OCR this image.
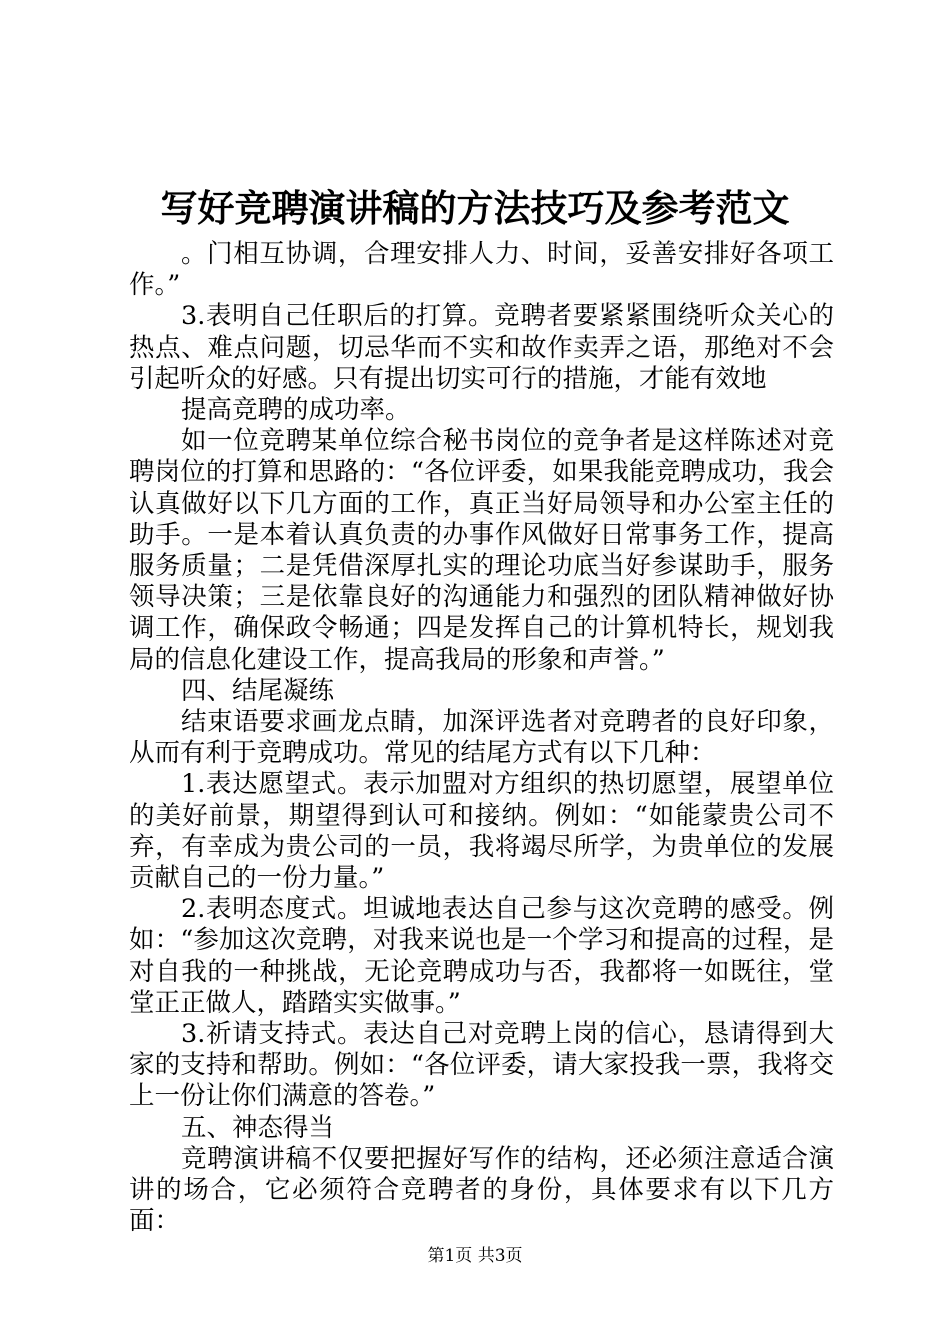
写好竞聘演讲稿的方法技巧及参考范文

。门相互协调，合理安排人力、时间，妥善安排好各项工作。”

3.表明自己任职后的打算。竞聘者要紧紧围绕听众关心的热点、难点问题，切忌华而不实和故作卖弄之语，那绝对不会引起听众的好感。只有提出切实可行的措施，才能有效地

提高竞聘的成功率。

如一位竞聘某单位综合秘书岗位的竞争者是这样陈述对竞聘岗位的打算和思路的：“各位评委，如果我能竞聘成功，我会认真做好以下几方面的工作，真正当好局领导和办公室主任的助手。一是本着认真负责的办事作风做好日常事务工作，提高服务质量；二是凭借深厚扎实的理论功底当好参谋助手，服务领导决策；三是依靠良好的沟通能力和强烈的团队精神做好协调工作，确保政令畅通；四是发挥自己的计算机特长，规划我局的信息化建设工作，提高我局的形象和声誉。”

四、结尾凝练

结束语要求画龙点睛，加深评选者对竞聘者的良好印象，从而有利于竞聘成功。常见的结尾方式有以下几种：

1.表达愿望式。表示加盟对方组织的热切愿望，展望单位的美好前景，期望得到认可和接纳。例如：“如能蒙贵公司不弃，有幸成为贵公司的一员，我将竭尽所学，为贵单位的发展贡献自己的一份力量。”

2.表明态度式。坦诚地表达自己参与这次竞聘的感受。例如：“参加这次竞聘，对我来说也是一个学习和提高的过程，是对自我的一种挑战，无论竞聘成功与否，我都将一如既往，堂堂正正做人，踏踏实实做事。”

3.祈请支持式。表达自己对竞聘上岗的信心，恳请得到大家的支持和帮助。例如：“各位评委，请大家投我一票，我将交上一份让你们满意的答卷。”

五、神态得当

竞聘演讲稿不仅要把握好写作的结构，还必须注意适合演讲的场合，它必须符合竞聘者的身份，具体要求有以下几方面：

第1页 共3页
